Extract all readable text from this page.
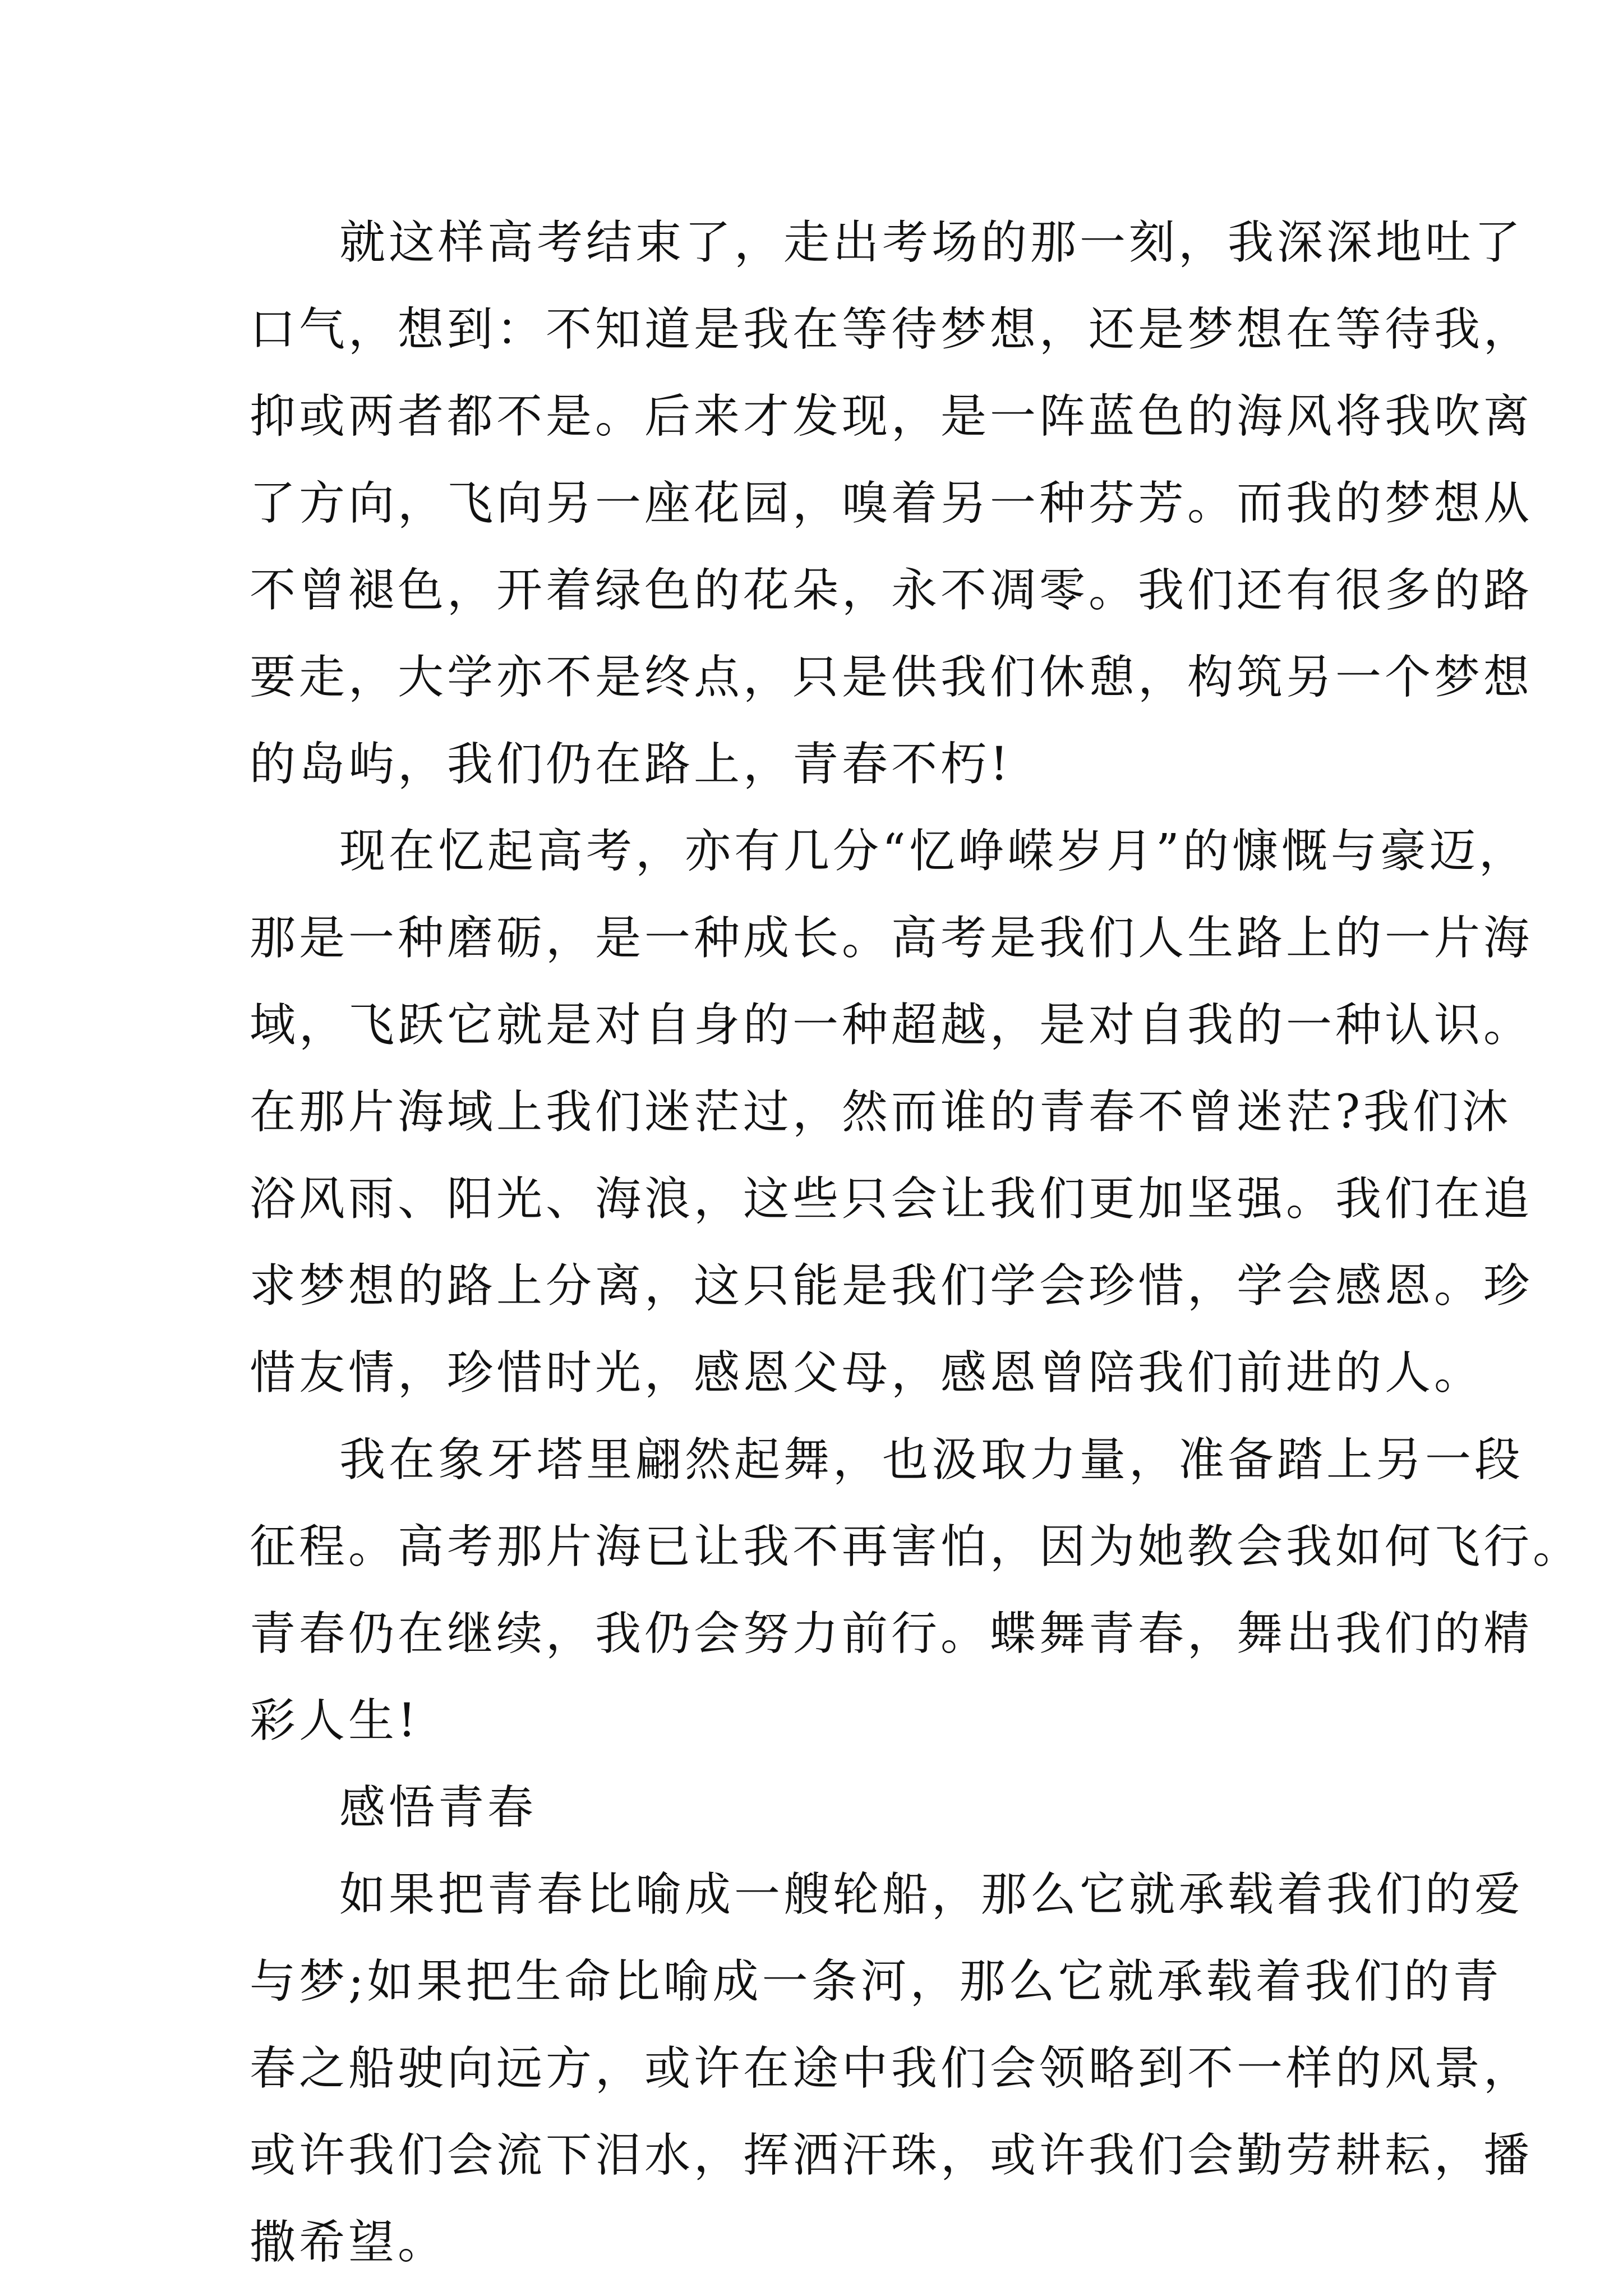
就这样高考结束了，走出考场的那一刻，我深深地吐了
口气，想到：不知道是我在等待梦想，还是梦想在等待我，
抑或两者都不是。后来才发现，是一阵蓝色的海风将我吹离
了方向，飞向另一座花园，嗅着另一种芬芳。而我的梦想从
不曾褪色，开着绿色的花朵，永不凋零。我们还有很多的路
要走，大学亦不是终点，只是供我们休憩，构筑另一个梦想
的岛屿，我们仍在路上，青春不朽!
现在忆起高考，亦有几分“忆峥嵘岁月”的慷慨与豪迈，
那是一种磨砺，是一种成长。高考是我们人生路上的一片海
域，飞跃它就是对自身的一种超越，是对自我的一种认识。
在那片海域上我们迷茫过，然而谁的青春不曾迷茫?我们沐
浴风雨、阳光、海浪，这些只会让我们更加坚强。我们在追
求梦想的路上分离，这只能是我们学会珍惜，学会感恩。珍
惜友情，珍惜时光，感恩父母，感恩曾陪我们前进的人。
我在象牙塔里翩然起舞，也汲取力量，准备踏上另一段
征程。高考那片海已让我不再害怕，因为她教会我如何飞行。
青春仍在继续，我仍会努力前行。蝶舞青春，舞出我们的精
彩人生!
感悟青春
如果把青春比喻成一艘轮船，那么它就承载着我们的爱
与梦;如果把生命比喻成一条河，那么它就承载着我们的青
春之船驶向远方，或许在途中我们会领略到不一样的风景，
或许我们会流下泪水，挥洒汗珠，或许我们会勤劳耕耘，播
撒希望。
